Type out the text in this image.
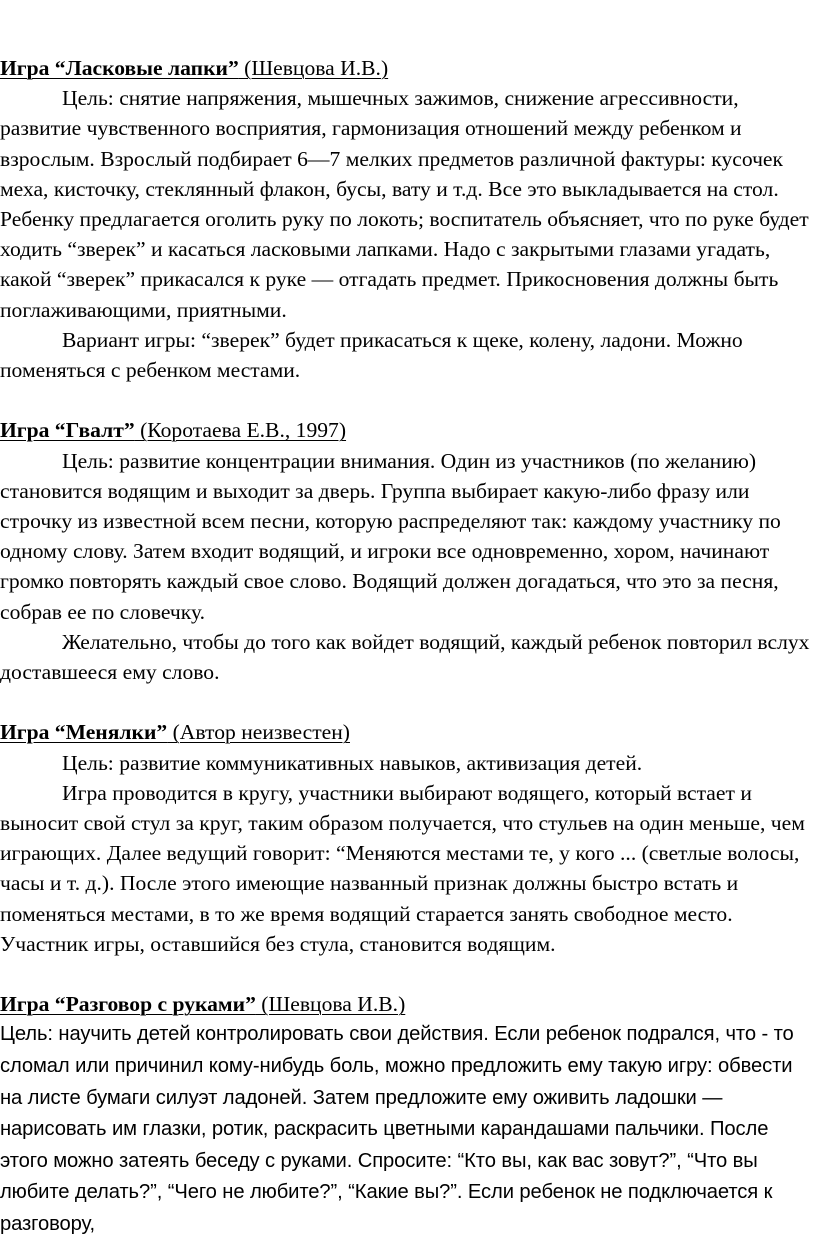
Игра “Ласковые лапки” (Шевцова И.В.)

Цель: снятие напряжения, мышечных зажимов, снижение агрессивности, развитие чувственного восприятия, гармонизация отношений между ребенком и взрослым. Взрослый подбирает 6—7 мелких предметов различной фактуры: кусочек меха, кисточку, стеклянный флакон, бусы, вату и т.д. Все это выкладывается на стол. Ребенку предлагается оголить руку по локоть; воспитатель объясняет, что по руке будет ходить “зверек” и касаться ласковыми лапками. Надо с закрытыми глазами угадать, какой “зверек” прикасался к руке — отгадать предмет. Прикосновения должны быть поглаживающими, приятными.

Вариант игры: “зверек” будет прикасаться к щеке, колену, ладони. Можно поменяться с ребенком местами.

Игра “Гвалт” (Коротаева Е.В., 1997)

Цель: развитие концентрации внимания. Один из участников (по желанию) становится водящим и выходит за дверь. Группа выбирает какую-либо фразу или строчку из известной всем песни, которую распределяют так: каждому участнику по одному слову. Затем входит водящий, и игроки все одновременно, хором, начинают громко повторять каждый свое слово. Водящий должен догадаться, что это за песня, собрав ее по словечку.

Желательно, чтобы до того как войдет водящий, каждый ребенок повторил вслух доставшееся ему слово.

Игра “Менялки” (Автор неизвестен)

Цель: развитие коммуникативных навыков, активизация детей.

Игра проводится в кругу, участники выбирают водящего, который встает и выносит свой стул за круг, таким образом получается, что стульев на один меньше, чем играющих. Далее ведущий говорит: “Меняются местами те, у кого ... (светлые волосы, часы и т. д.). После этого имеющие названный признак должны быстро встать и поменяться местами, в то же время водящий старается занять свободное место. Участник игры, оставшийся без стула, становится водящим.

Игра “Разговор с руками” (Шевцова И.В.)

Цель: научить детей контролировать свои действия. Если ребенок подрался, что - то сломал или причинил кому-нибудь боль, можно предложить ему такую игру: обвести на листе бумаги силуэт ладоней. Затем предложите ему оживить ладошки — нарисовать им глазки, ротик, раскрасить цветными карандашами пальчики. После этого можно затеять беседу с руками. Спросите: “Кто вы, как вас зовут?”, “Что вы любите делать?”, “Чего не любите?”, “Какие вы?”. Если ребенок не подключается к разговору,
